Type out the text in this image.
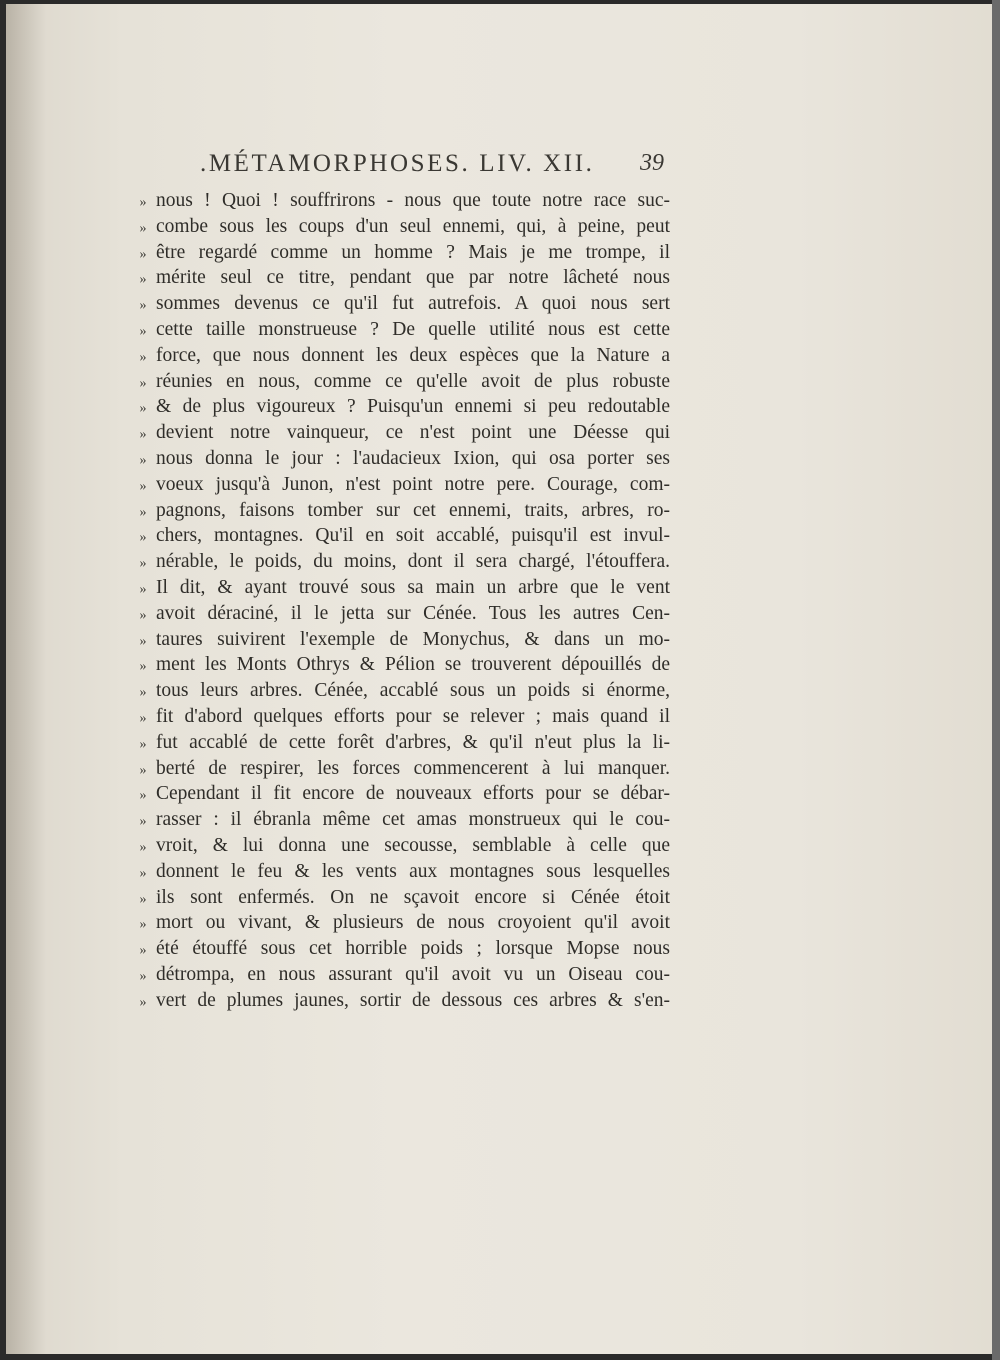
.MÉTAMORPHOSES. LIV. XII. 39
» nous ! Quoi ! souffrirons - nous que toute notre race suc-
» combe sous les coups d'un seul ennemi, qui, à peine, peut
» être regardé comme un homme ? Mais je me trompe, il
» mérite seul ce titre, pendant que par notre lâcheté nous
» sommes devenus ce qu'il fut autrefois. A quoi nous sert
» cette taille monstrueuse ? De quelle utilité nous est cette
» force, que nous donnent les deux espèces que la Nature a
» réunies en nous, comme ce qu'elle avoit de plus robuste
» & de plus vigoureux ? Puisqu'un ennemi si peu redoutable
» devient notre vainqueur, ce n'est point une Déesse qui
» nous donna le jour : l'audacieux Ixion, qui osa porter ses
» voeux jusqu'à Junon, n'est point notre pere. Courage, com-
» pagnons, faisons tomber sur cet ennemi, traits, arbres, ro-
» chers, montagnes. Qu'il en soit accablé, puisqu'il est invul-
» nérable, le poids, du moins, dont il sera chargé, l'étouffera.
» Il dit, & ayant trouvé sous sa main un arbre que le vent
» avoit déraciné, il le jetta sur Cénée. Tous les autres Cen-
» taures suivirent l'exemple de Monychus, & dans un mo-
» ment les Monts Othrys & Pélion se trouverent dépouillés de
» tous leurs arbres. Cénée, accablé sous un poids si énorme,
» fit d'abord quelques efforts pour se relever ; mais quand il
» fut accablé de cette forêt d'arbres, & qu'il n'eut plus la li-
» berté de respirer, les forces commencerent à lui manquer.
» Cependant il fit encore de nouveaux efforts pour se débar-
» rasser : il ébranla même cet amas monstrueux qui le cou-
» vroit, & lui donna une secousse, semblable à celle que
» donnent le feu & les vents aux montagnes sous lesquelles
» ils sont enfermés. On ne sçavoit encore si Cénée étoit
» mort ou vivant, & plusieurs de nous croyoient qu'il avoit
» été étouffé sous cet horrible poids ; lorsque Mopse nous
» détrompa, en nous assurant qu'il avoit vu un Oiseau cou-
» vert de plumes jaunes, sortir de dessous ces arbres & s'en-
